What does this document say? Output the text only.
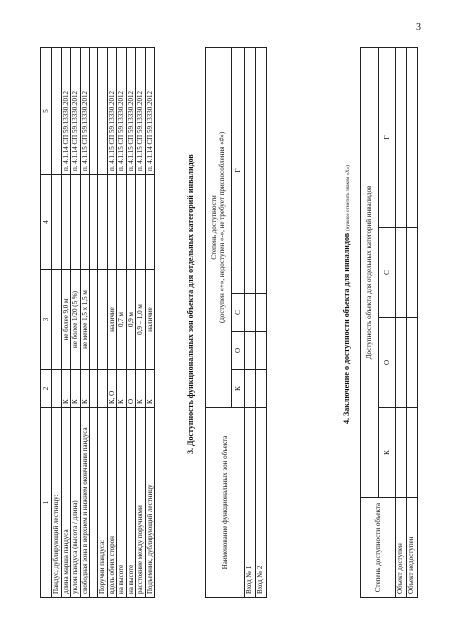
3
1	2	3	4	5
Пандус, дублирующий лестницу:				
длина марша пандуса	К	не более 9,0 м		п. 4.1.14 СП 59.13330.2012
уклон пандуса (высота / длина)	К	не более 1/20 (5 %)		п. 4.1.14 СП 59.13330.2012
свободная зона в верхнем и нижнем окончании пандуса	К	не менее 1,5 x 1,5 м		п. 4.1.15 СП 59.13330.2012

Поручни пандуса:				
вдоль обеих сторон	К, О	наличие		п. 4.1.15 СП 59.13330.2012
на высоте	К	0,7 м		п. 4.1.15 СП 59.13330.2012
на высоте	О	0,9 м		п. 4.1.15 СП 59.13330.2012
расстояние между поручнями	К	0,9 – 1,0 м		п. 4.1.15 СП 59.13330.2012
Подъемник, дублирующий лестницу	К	наличие		п. 4.1.14 СП 59.13330.2012
3. Доступность функциональных зон объекта для отдельных категорий инвалидов
Наименование функциональных зон объекта	Степень доступности (доступен «+», недоступен «-», не требует приспособления «#»)			

	К	О	С	Г
Вход № 1				
Вход № 2				
4. Заключение о доступности объекта для инвалидов (нужное отметить знаком «X»)
Степень доступности объекта	Доступность объекта для отдельных категорий инвалидов			
	К	О	С	Г
Объект доступен				
Объект недоступен				
